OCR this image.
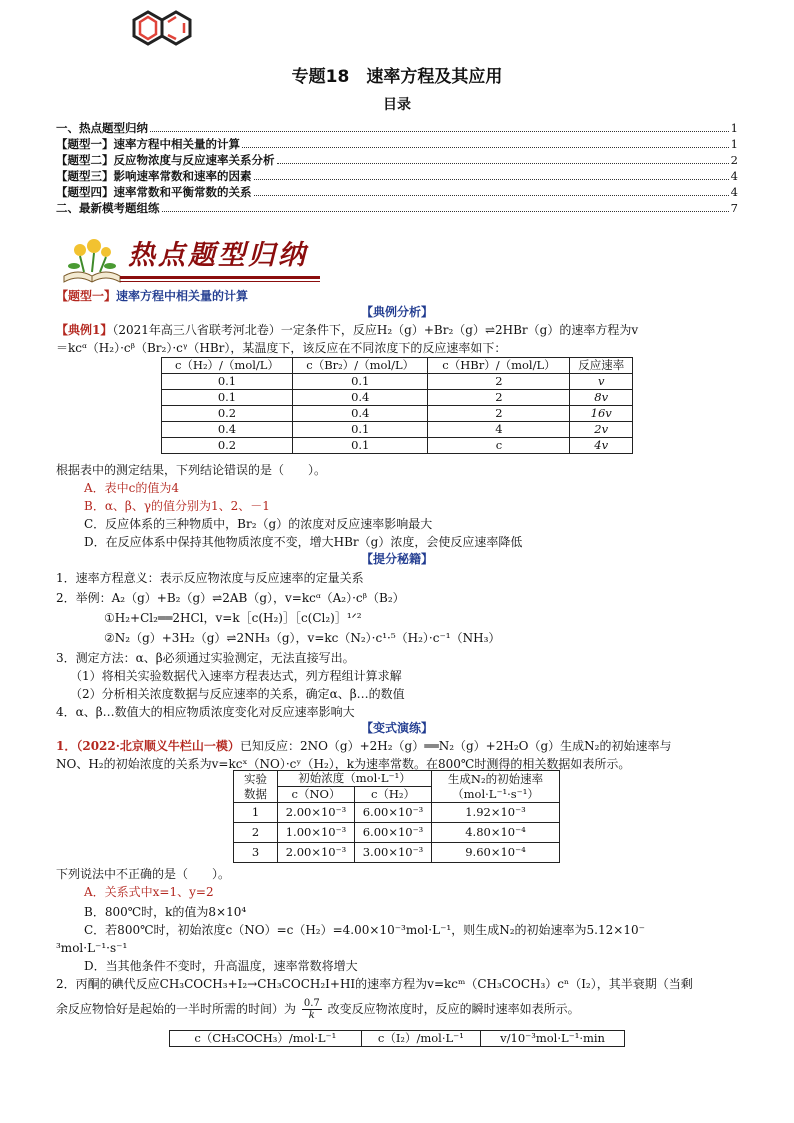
专题18　速率方程及其应用
目录
一、热点题型归纳	1
【题型一】速率方程中相关量的计算	1
【题型二】反应物浓度与反应速率关系分析	2
【题型三】影响速率常数和速率的因素	4
【题型四】速率常数和平衡常数的关系	4
二、最新模考题组练	7
热点题型归纳
【题型一】速率方程中相关量的计算
【典例分析】
【典例1】（2021年高三八省联考河北卷）一定条件下，反应H₂（g）+Br₂（g）⇌2HBr（g）的速率方程为v
＝kcᵅ（H₂）·cᵝ（Br₂）·cᵞ（HBr），某温度下，该反应在不同浓度下的反应速率如下：
c（H₂）/（mol/L）	c（Br₂）/（mol/L）	c（HBr）/（mol/L）	反应速率
0.1	0.1	2	v
0.1	0.4	2	8v
0.2	0.4	2	16v
0.4	0.1	4	2v
0.2	0.1	c	4v
根据表中的测定结果，下列结论错误的是（　　）。
A．表中c的值为4
B．α、β、γ的值分别为1、2、－1
C．反应体系的三种物质中，Br₂（g）的浓度对反应速率影响最大
D．在反应体系中保持其他物质浓度不变，增大HBr（g）浓度，会使反应速率降低
【提分秘籍】
1．速率方程意义：表示反应物浓度与反应速率的定量关系
2．举例：A₂（g）+B₂（g）⇌2AB（g），v=kcᵅ（A₂）·cᵝ（B₂）
①H₂+Cl₂══2HCl，v=k［c(H₂)］［c(Cl₂)］¹ᐟ²
②N₂（g）+3H₂（g）⇌2NH₃（g），v=kc（N₂）·c¹·⁵（H₂）·c⁻¹（NH₃）
3．测定方法：α、β必须通过实验测定，无法直接写出。
（1）将相关实验数据代入速率方程表达式，列方程组计算求解
（2）分析相关浓度数据与反应速率的关系，确定α、β…的数值
4．α、β…数值大的相应物质浓度变化对反应速率影响大
【变式演练】
1．（2022·北京顺义牛栏山一模）已知反应：2NO（g）+2H₂（g）══N₂（g）+2H₂O（g）生成N₂的初始速率与
NO、H₂的初始浓度的关系为v=kcˣ（NO）·cʸ（H₂），k为速率常数。在800℃时测得的相关数据如表所示。
实验
数据	初始浓度（mol·L⁻¹）		生成N₂的初始速率（mol·L⁻¹·s⁻¹）
	c（NO）	c（H₂）	
1	2.00×10⁻³	6.00×10⁻³	1.92×10⁻³
2	1.00×10⁻³	6.00×10⁻³	4.80×10⁻⁴
3	2.00×10⁻³	3.00×10⁻³	9.60×10⁻⁴
下列说法中不正确的是（　　）。
A．关系式中x=1、y=2
B．800℃时，k的值为8×10⁴
C．若800℃时，初始浓度c（NO）=c（H₂）=4.00×10⁻³mol·L⁻¹，则生成N₂的初始速率为5.12×10⁻
³mol·L⁻¹·s⁻¹
D．当其他条件不变时，升高温度，速率常数将增大
2．丙酮的碘代反应CH₃COCH₃+I₂→CH₃COCH₂I+HI的速率方程为v=kcᵐ（CH₃COCH₃）cⁿ（I₂），其半衰期（当剩
余反应物恰好是起始的一半时所需的时间）为 $\frac{0.7}{k}$ 改变反应物浓度时，反应的瞬时速率如表所示。
c（CH₃COCH₃）/mol·L⁻¹	c（I₂）/mol·L⁻¹	v/10⁻³mol·L⁻¹·min
